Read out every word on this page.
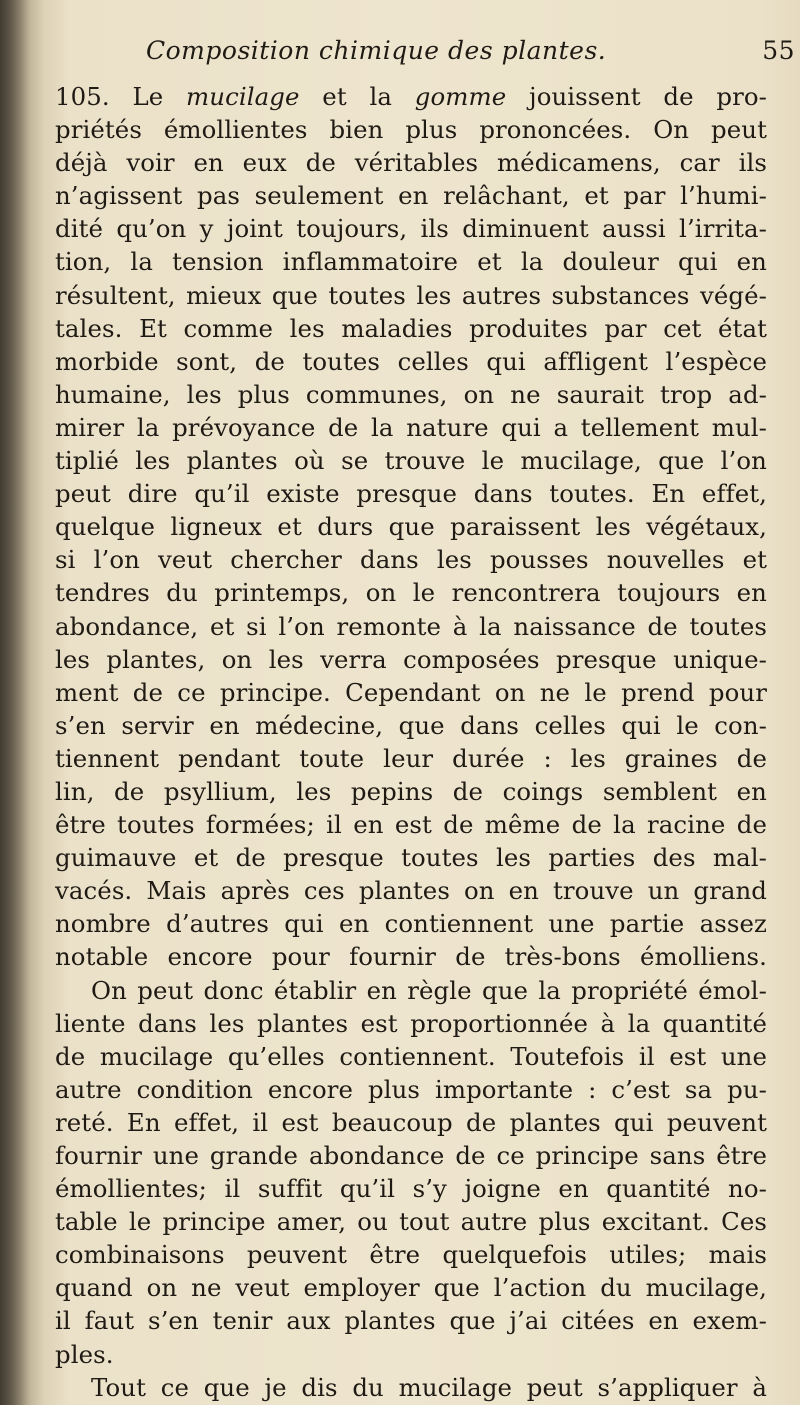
Composition chimique des plantes.	55
105. Le mucilage et la gomme jouissent de pro-
priétés émollientes bien plus prononcées. On peut
déjà voir en eux de véritables médicamens, car ils
n’agissent pas seulement en relâchant, et par l’humi-
dité qu’on y joint toujours, ils diminuent aussi l’irrita-
tion, la tension inflammatoire et la douleur qui en
résultent, mieux que toutes les autres substances végé-
tales. Et comme les maladies produites par cet état
morbide sont, de toutes celles qui affligent l’espèce
humaine, les plus communes, on ne saurait trop ad-
mirer la prévoyance de la nature qui a tellement mul-
tiplié les plantes où se trouve le mucilage, que l’on
peut dire qu’il existe presque dans toutes. En effet,
quelque ligneux et durs que paraissent les végétaux,
si l’on veut chercher dans les pousses nouvelles et
tendres du printemps, on le rencontrera toujours en
abondance, et si l’on remonte à la naissance de toutes
les plantes, on les verra composées presque unique-
ment de ce principe. Cependant on ne le prend pour
s’en servir en médecine, que dans celles qui le con-
tiennent pendant toute leur durée : les graines de
lin, de psyllium, les pepins de coings semblent en
être toutes formées; il en est de même de la racine de
guimauve et de presque toutes les parties des mal-
vacés. Mais après ces plantes on en trouve un grand
nombre d’autres qui en contiennent une partie assez
notable encore pour fournir de très-bons émolliens.
On peut donc établir en règle que la propriété émol-
liente dans les plantes est proportionnée à la quantité
de mucilage qu’elles contiennent. Toutefois il est une
autre condition encore plus importante : c’est sa pu-
reté. En effet, il est beaucoup de plantes qui peuvent
fournir une grande abondance de ce principe sans être
émollientes; il suffit qu’il s’y joigne en quantité no-
table le principe amer, ou tout autre plus excitant. Ces
combinaisons peuvent être quelquefois utiles; mais
quand on ne veut employer que l’action du mucilage,
il faut s’en tenir aux plantes que j’ai citées en exem-
ples.
Tout ce que je dis du mucilage peut s’appliquer à
